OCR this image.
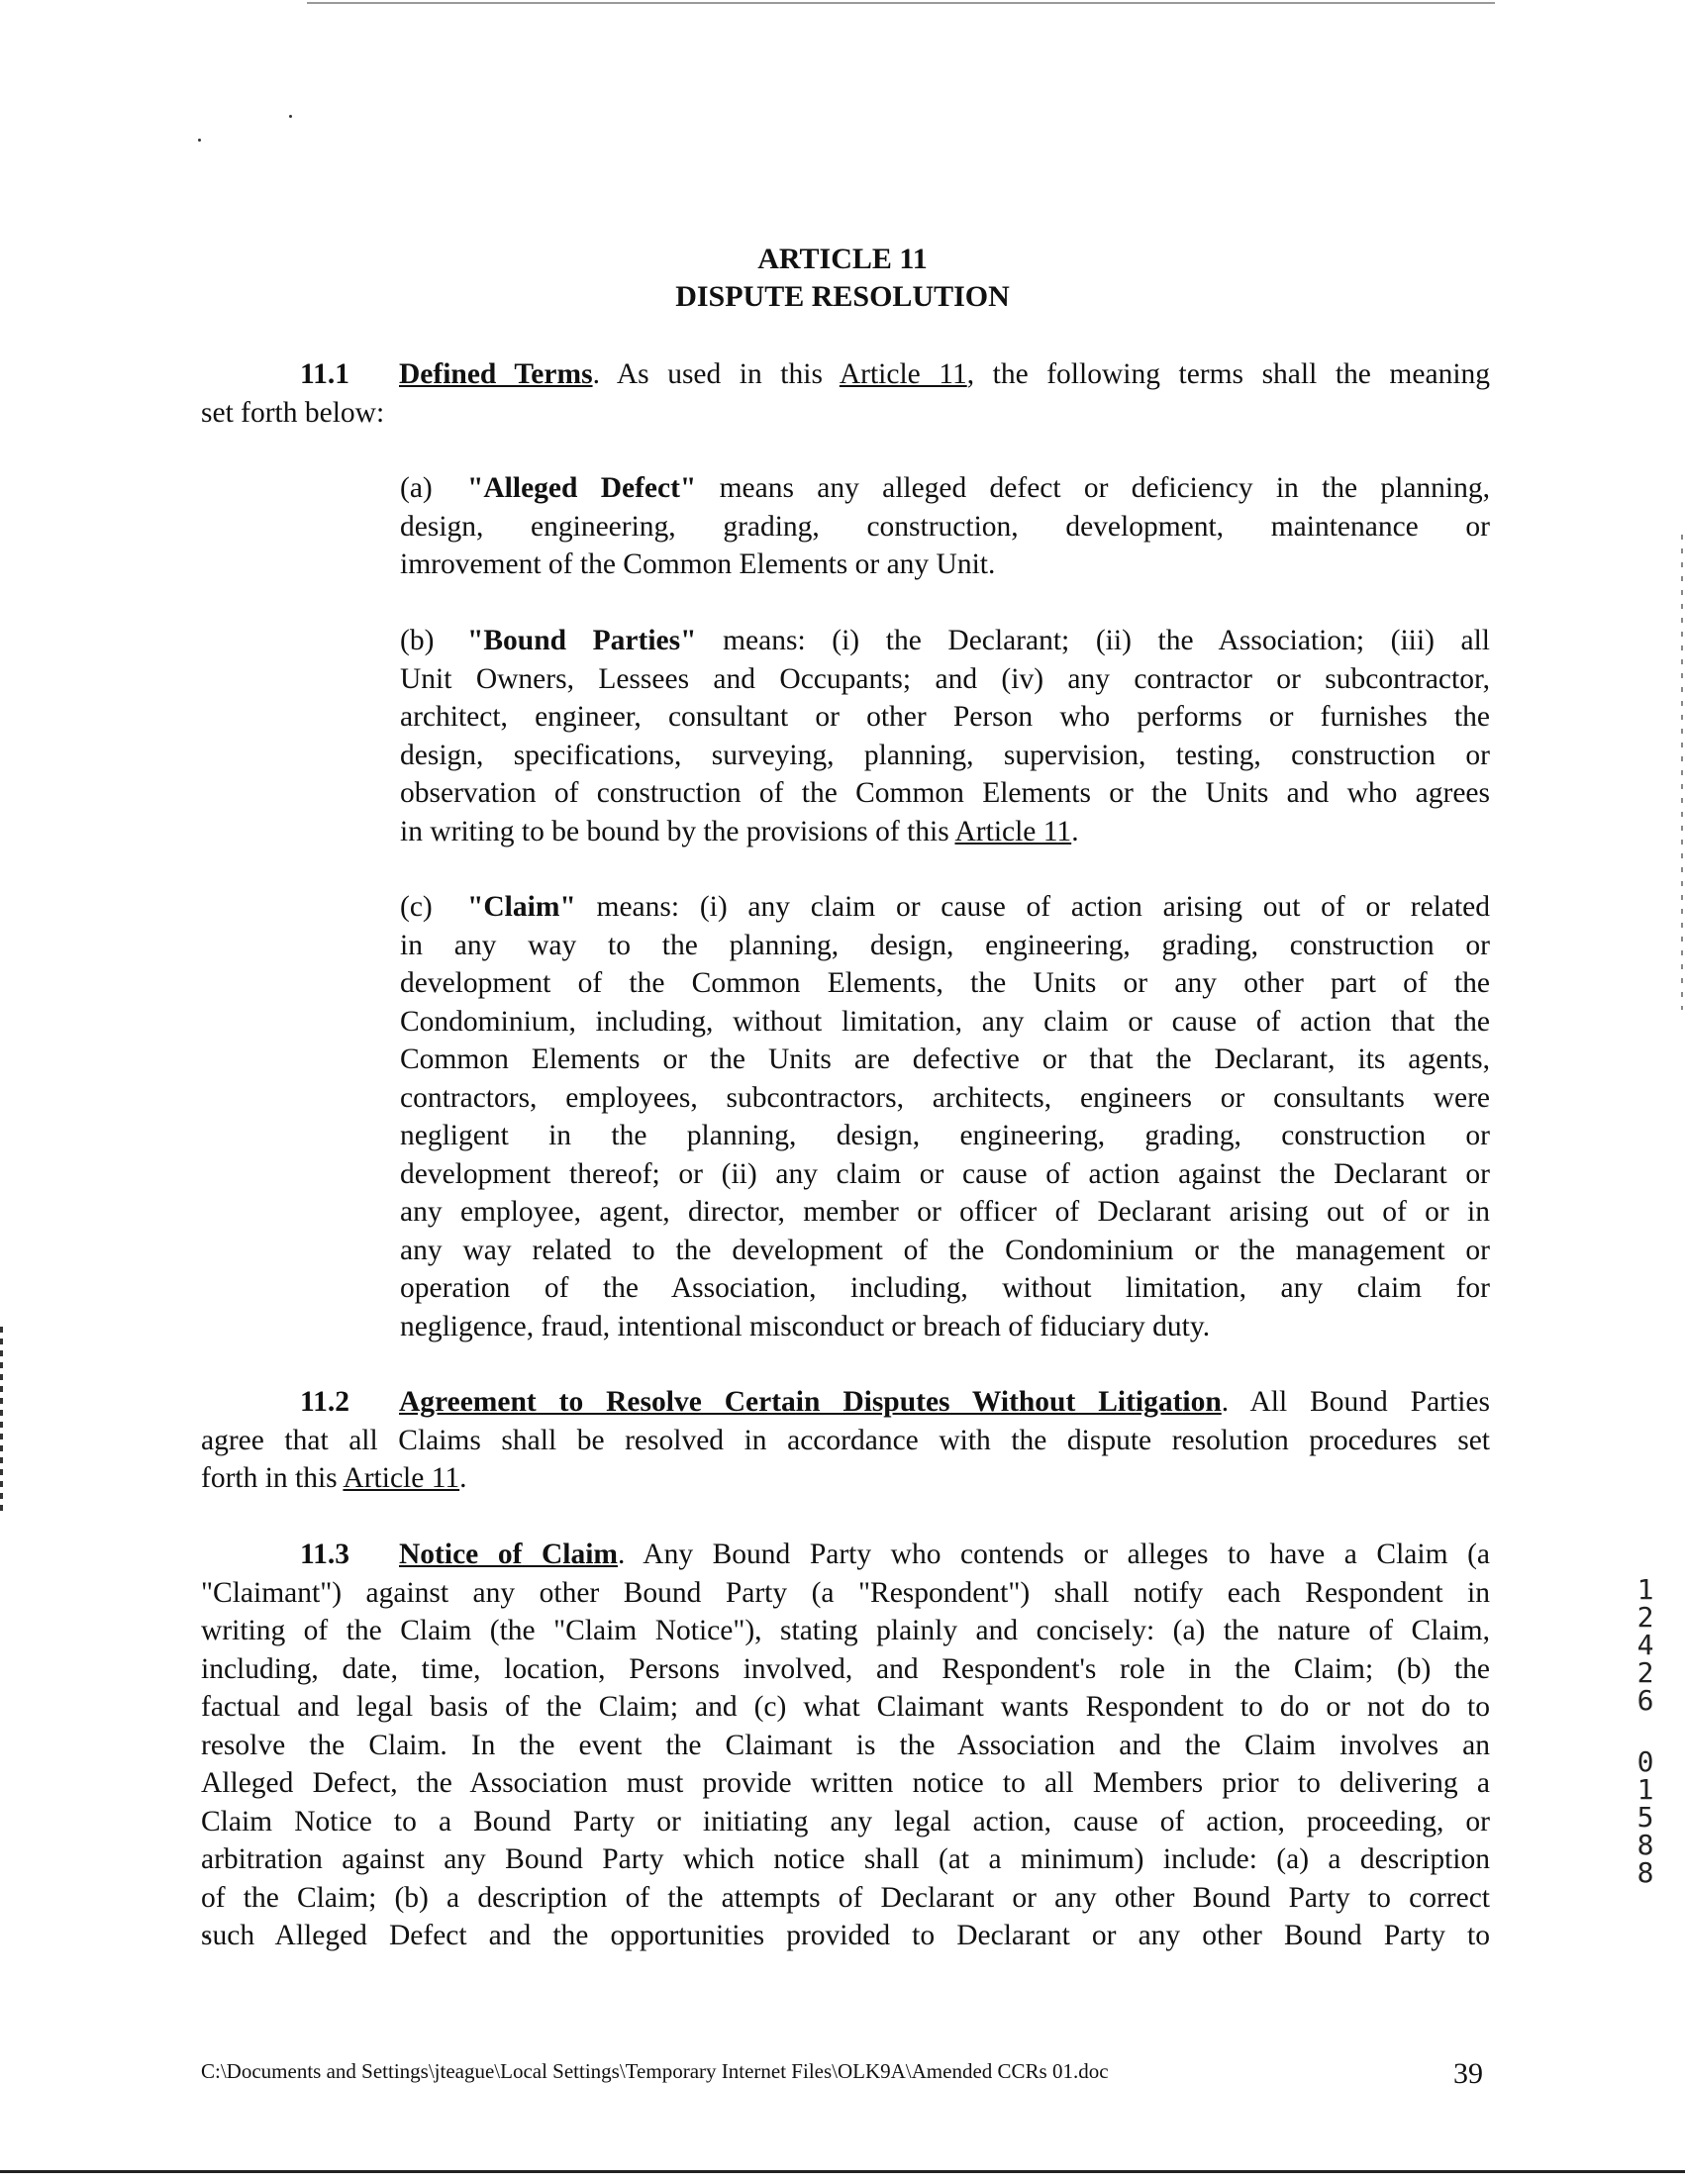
ARTICLE 11
DISPUTE RESOLUTION
11.1 Defined Terms. As used in this Article 11, the following terms shall the meaning
set forth below:
(a) "Alleged Defect" means any alleged defect or deficiency in the planning,
design, engineering, grading, construction, development, maintenance or
imrovement of the Common Elements or any Unit.
(b) "Bound Parties" means: (i) the Declarant; (ii) the Association; (iii) all
Unit Owners, Lessees and Occupants; and (iv) any contractor or subcontractor,
architect, engineer, consultant or other Person who performs or furnishes the
design, specifications, surveying, planning, supervision, testing, construction or
observation of construction of the Common Elements or the Units and who agrees
in writing to be bound by the provisions of this Article 11.
(c) "Claim" means: (i) any claim or cause of action arising out of or related
in any way to the planning, design, engineering, grading, construction or
development of the Common Elements, the Units or any other part of the
Condominium, including, without limitation, any claim or cause of action that the
Common Elements or the Units are defective or that the Declarant, its agents,
contractors, employees, subcontractors, architects, engineers or consultants were
negligent in the planning, design, engineering, grading, construction or
development thereof; or (ii) any claim or cause of action against the Declarant or
any employee, agent, director, member or officer of Declarant arising out of or in
any way related to the development of the Condominium or the management or
operation of the Association, including, without limitation, any claim for
negligence, fraud, intentional misconduct or breach of fiduciary duty.
11.2 Agreement to Resolve Certain Disputes Without Litigation. All Bound Parties
agree that all Claims shall be resolved in accordance with the dispute resolution procedures set
forth in this Article 11.
11.3 Notice of Claim. Any Bound Party who contends or alleges to have a Claim (a
"Claimant") against any other Bound Party (a "Respondent") shall notify each Respondent in
writing of the Claim (the "Claim Notice"), stating plainly and concisely: (a) the nature of Claim,
including, date, time, location, Persons involved, and Respondent's role in the Claim; (b) the
factual and legal basis of the Claim; and (c) what Claimant wants Respondent to do or not do to
resolve the Claim. In the event the Claimant is the Association and the Claim involves an
Alleged Defect, the Association must provide written notice to all Members prior to delivering a
Claim Notice to a Bound Party or initiating any legal action, cause of action, proceeding, or
arbitration against any Bound Party which notice shall (at a minimum) include: (a) a description
of the Claim; (b) a description of the attempts of Declarant or any other Bound Party to correct
such Alleged Defect and the opportunities provided to Declarant or any other Bound Party to
1
2
4
2
6
0
1
5
8
8
C:\Documents and Settings\jteague\Local Settings\Temporary Internet Files\OLK9A\Amended CCRs 01.doc	39
